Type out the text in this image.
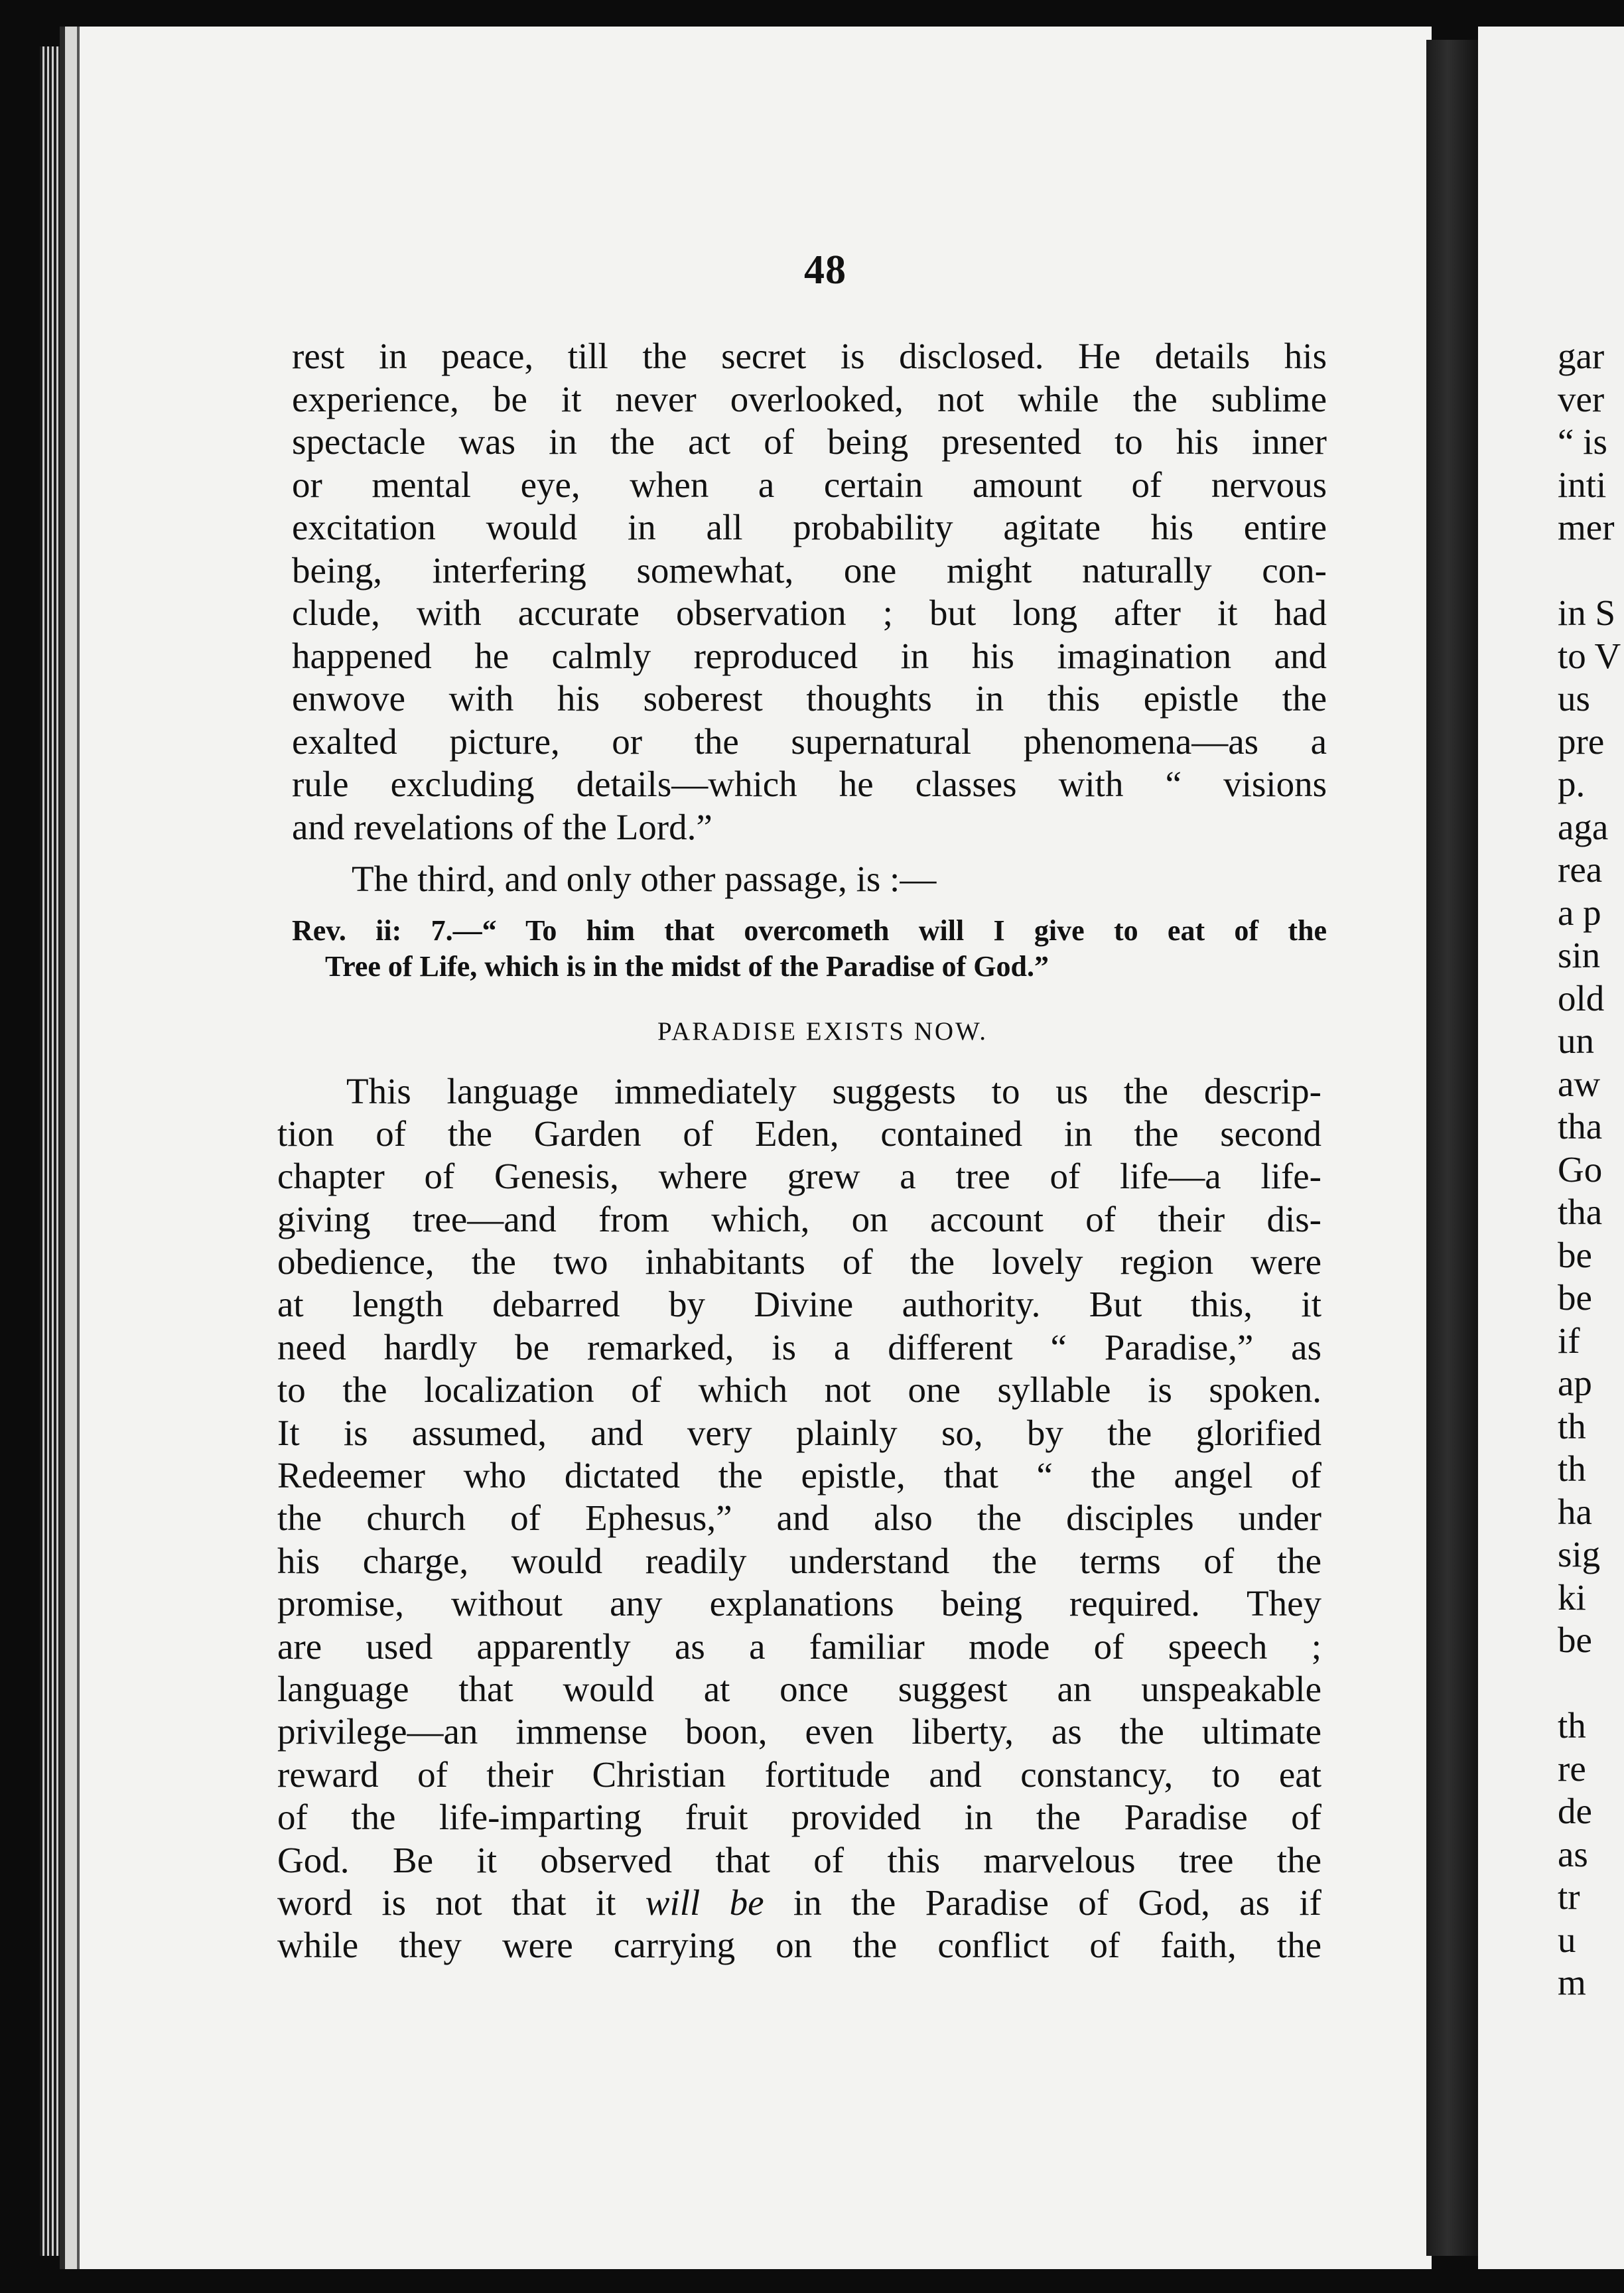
48
rest in peace, till the secret is disclosed. He details his
experience, be it never overlooked, not while the sublime
spectacle was in the act of being presented to his inner
or mental eye, when a certain amount of nervous
excitation would in all probability agitate his entire
being, interfering somewhat, one might naturally con-
clude, with accurate observation ; but long after it had
happened he calmly reproduced in his imagination and
enwove with his soberest thoughts in this epistle the
exalted picture, or the supernatural phenomena—as a
rule excluding details—which he classes with “ visions
and revelations of the Lord.”
The third, and only other passage, is :—
Rev. ii: 7.—“ To him that overcometh will I give to eat of the
Tree of Life, which is in the midst of the Paradise of God.”
PARADISE EXISTS NOW.
This language immediately suggests to us the descrip-
tion of the Garden of Eden, contained in the second
chapter of Genesis, where grew a tree of life—a life-
giving tree—and from which, on account of their dis-
obedience, the two inhabitants of the lovely region were
at length debarred by Divine authority. But this, it
need hardly be remarked, is a different “ Paradise,” as
to the localization of which not one syllable is spoken.
It is assumed, and very plainly so, by the glorified
Redeemer who dictated the epistle, that “ the angel of
the church of Ephesus,” and also the disciples under
his charge, would readily understand the terms of the
promise, without any explanations being required. They
are used apparently as a familiar mode of speech ;
language that would at once suggest an unspeakable
privilege—an immense boon, even liberty, as the ultimate
reward of their Christian fortitude and constancy, to eat
of the life-imparting fruit provided in the Paradise of
God. Be it observed that of this marvelous tree the
word is not that it will be in the Paradise of God, as if
while they were carrying on the conflict of faith, the
gar
ver
“ is
inti
mer
in S
to V
us
pre
p.
aga
rea
a p
sin
old
un
aw
tha
Go
tha
be
be
if
ap
th
th
ha
sig
ki
be
th
re
de
as
tr
u
m
